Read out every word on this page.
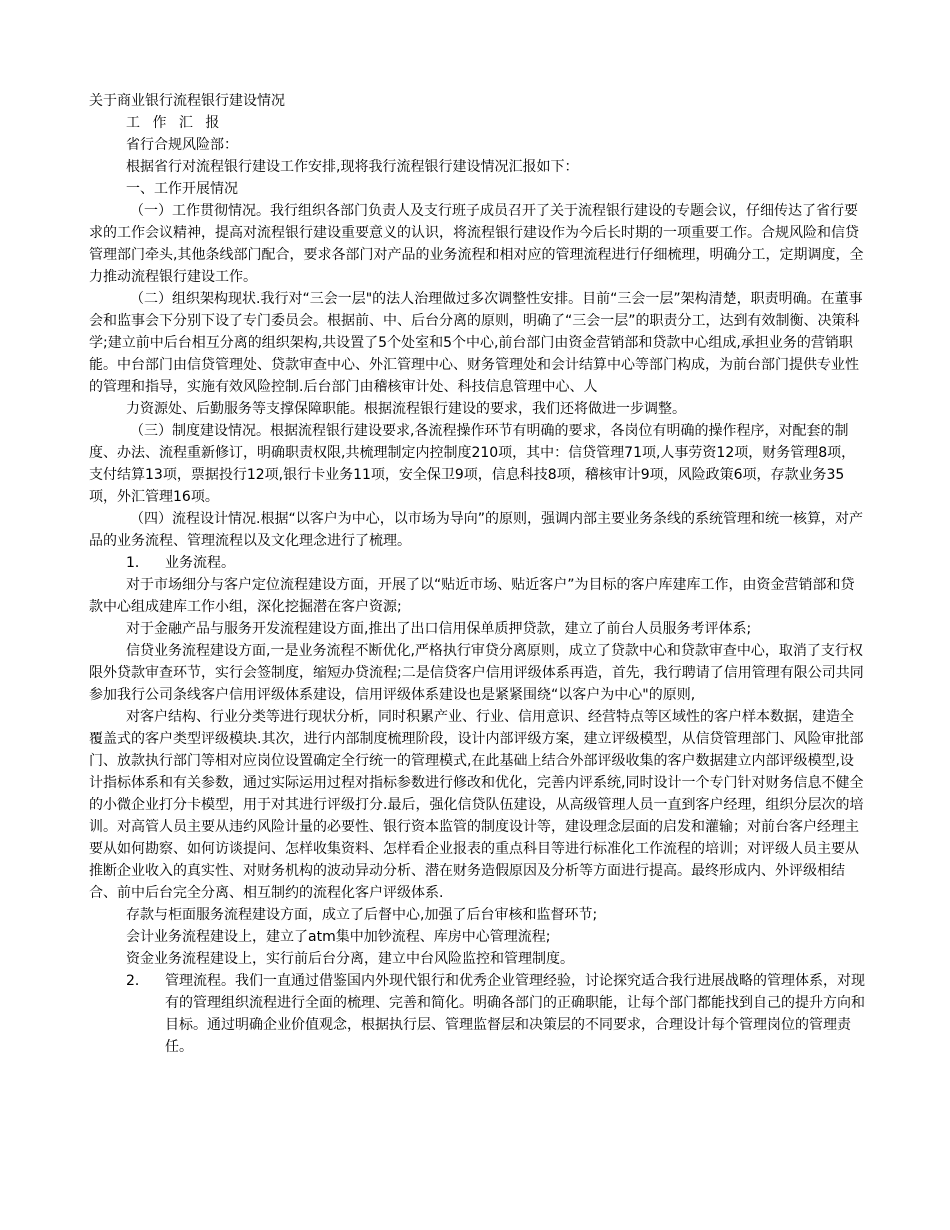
关于商业银行流程银行建设情况

工 作 汇 报

省行合规风险部：

根据省行对流程银行建设工作安排,现将我行流程银行建设情况汇报如下：

一、工作开展情况

（一）工作贯彻情况。我行组织各部门负责人及支行班子成员召开了关于流程银行建设的专题会议，仔细传达了省行要求的工作会议精神，提高对流程银行建设重要意义的认识，将流程银行建设作为今后长时期的一项重要工作。合规风险和信贷管理部门牵头,其他条线部门配合，要求各部门对产品的业务流程和相对应的管理流程进行仔细梳理，明确分工，定期调度，全力推动流程银行建设工作。

（二）组织架构现状.我行对“三会一层"的法人治理做过多次调整性安排。目前“三会一层”架构清楚，职责明确。在董事会和监事会下分别下设了专门委员会。根据前、中、后台分离的原则，明确了“三会一层”的职责分工，达到有效制衡、决策科学;建立前中后台相互分离的组织架构,共设置了5个处室和5个中心,前台部门由资金营销部和贷款中心组成,承担业务的营销职能。中台部门由信贷管理处、贷款审查中心、外汇管理中心、财务管理处和会计结算中心等部门构成，为前台部门提供专业性的管理和指导，实施有效风险控制.后台部门由稽核审计处、科技信息管理中心、人

力资源处、后勤服务等支撑保障职能。根据流程银行建设的要求，我们还将做进一步调整。

（三）制度建设情况。根据流程银行建设要求,各流程操作环节有明确的要求，各岗位有明确的操作程序，对配套的制度、办法、流程重新修订，明确职责权限,共梳理制定内控制度210项，其中：信贷管理71项,人事劳资12项，财务管理8项，支付结算13项，票据投行12项,银行卡业务11项，安全保卫9项，信息科技8项，稽核审计9项，风险政策6项，存款业务35项，外汇管理16项。

（四）流程设计情况.根据“以客户为中心，以市场为导向”的原则，强调内部主要业务条线的系统管理和统一核算，对产品的业务流程、管理流程以及文化理念进行了梳理。

1．	业务流程。

对于市场细分与客户定位流程建设方面，开展了以“贴近市场、贴近客户”为目标的客户库建库工作，由资金营销部和贷款中心组成建库工作小组，深化挖掘潜在客户资源;

对于金融产品与服务开发流程建设方面,推出了出口信用保单质押贷款，建立了前台人员服务考评体系;

信贷业务流程建设方面,一是业务流程不断优化,严格执行审贷分离原则，成立了贷款中心和贷款审查中心，取消了支行权限外贷款审查环节，实行会签制度，缩短办贷流程;二是信贷客户信用评级体系再造，首先，我行聘请了信用管理有限公司共同参加我行公司条线客户信用评级体系建设，信用评级体系建设也是紧紧围绕“以客户为中心"的原则,

对客户结构、行业分类等进行现状分析，同时积累产业、行业、信用意识、经营特点等区域性的客户样本数据，建造全覆盖式的客户类型评级模块.其次，进行内部制度梳理阶段，设计内部评级方案，建立评级模型，从信贷管理部门、风险审批部门、放款执行部门等相对应岗位设置确定全行统一的管理模式,在此基础上结合外部评级收集的客户数据建立内部评级模型,设计指标体系和有关参数，通过实际运用过程对指标参数进行修改和优化，完善内评系统,同时设计一个专门针对财务信息不健全的小微企业打分卡模型，用于对其进行评级打分.最后，强化信贷队伍建设，从高级管理人员一直到客户经理，组织分层次的培训。对高管人员主要从违约风险计量的必要性、银行资本监管的制度设计等，建设理念层面的启发和灌输；对前台客户经理主要从如何勘察、如何访谈提问、怎样收集资料、怎样看企业报表的重点科目等进行标准化工作流程的培训；对评级人员主要从推断企业收入的真实性、对财务机构的波动异动分析、潜在财务造假原因及分析等方面进行提高。最终形成内、外评级相结合、前中后台完全分离、相互制约的流程化客户评级体系.

存款与柜面服务流程建设方面，成立了后督中心,加强了后台审核和监督环节;

会计业务流程建设上，建立了atm集中加钞流程、库房中心管理流程;

资金业务流程建设上，实行前后台分离，建立中台风险监控和管理制度。

2．	管理流程。我们一直通过借鉴国内外现代银行和优秀企业管理经验，讨论探究适合我行进展战略的管理体系，对现有的管理组织流程进行全面的梳理、完善和简化。明确各部门的正确职能，让每个部门都能找到自己的提升方向和目标。通过明确企业价值观念，根据执行层、管理监督层和决策层的不同要求，合理设计每个管理岗位的管理责任。
